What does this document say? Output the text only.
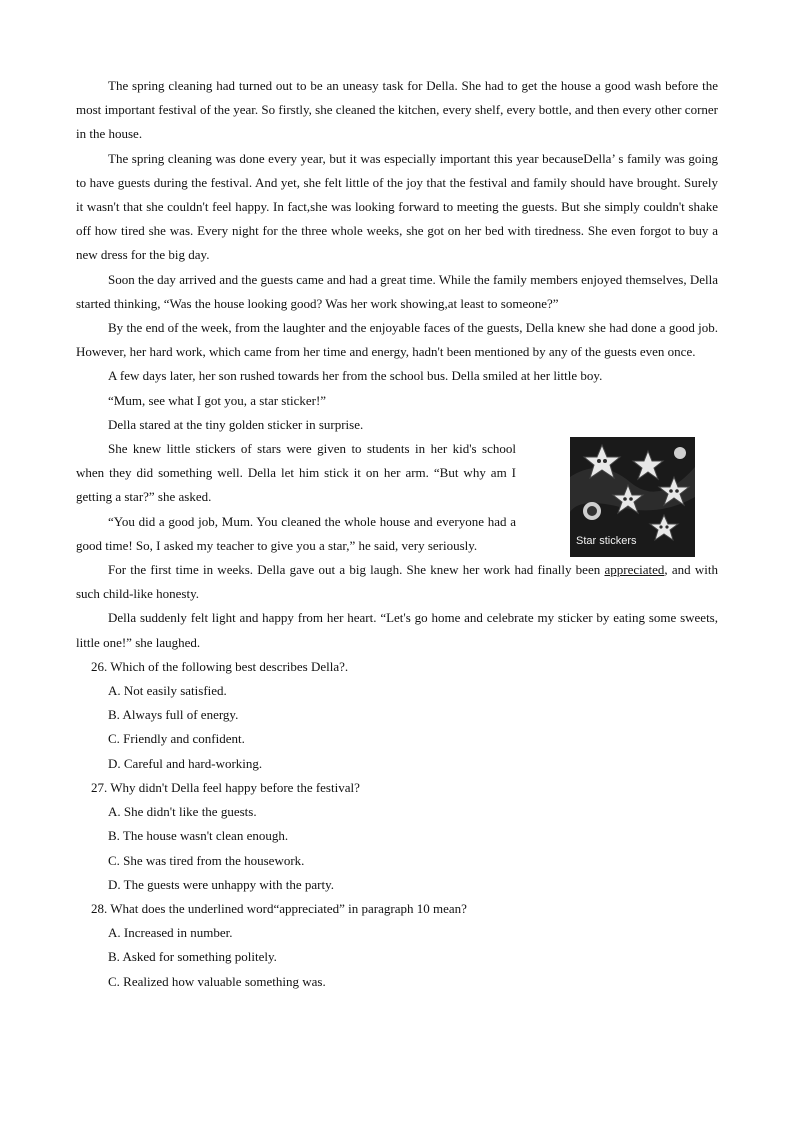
The spring cleaning had turned out to be an uneasy task for Della. She had to get the house a good wash before the most important festival of the year. So firstly, she cleaned the kitchen, every shelf, every bottle, and then every other corner in the house.

The spring cleaning was done every year, but it was especially important this year becauseDella’ s family was going to have guests during the festival. And yet, she felt little of the joy that the festival and family should have brought. Surely it wasn't that she couldn't feel happy. In fact,she was looking forward to meeting the guests. But she simply couldn't shake off how tired she was. Every night for the three whole weeks, she got on her bed with tiredness. She even forgot to buy a new dress for the big day.

Soon the day arrived and the guests came and had a great time. While the family members enjoyed themselves, Della started thinking, “Was the house looking good? Was her work showing,at least to someone?”

By the end of the week, from the laughter and the enjoyable faces of the guests, Della knew she had done a good job. However, her hard work, which came from her time and energy, hadn't been mentioned by any of the guests even once.

A few days later, her son rushed towards her from the school bus. Della smiled at her little boy.

“Mum, see what I got you, a star sticker!”

Della stared at the tiny golden sticker in surprise.

She knew little stickers of stars were given to students in her kid's school when they did something well. Della let him stick it on her arm. “But why am I getting a star?” she asked.

“You did a good job, Mum. You cleaned the whole house and everyone had a good time! So, I asked my teacher to give you a star,” he said, very seriously.

For the first time in weeks. Della gave out a big laugh. She knew her work had finally been appreciated, and with such child-like honesty.

Della suddenly felt light and happy from her heart. “Let's go home and celebrate my sticker by eating some sweets, little one!” she laughed.

26. Which of the following best describes Della?.

A. Not easily satisfied.

B. Always full of energy.

C. Friendly and confident.

D. Careful and hard-working.

27. Why didn't Della feel happy before the festival?

A. She didn't like the guests.

B. The house wasn't clean enough.

C. She was tired from the housework.

D. The guests were unhappy with the party.

28. What does the underlined word“appreciated” in paragraph 10 mean?

A. Increased in number.

B. Asked for something politely.

C. Realized how valuable something was.

Star stickers
